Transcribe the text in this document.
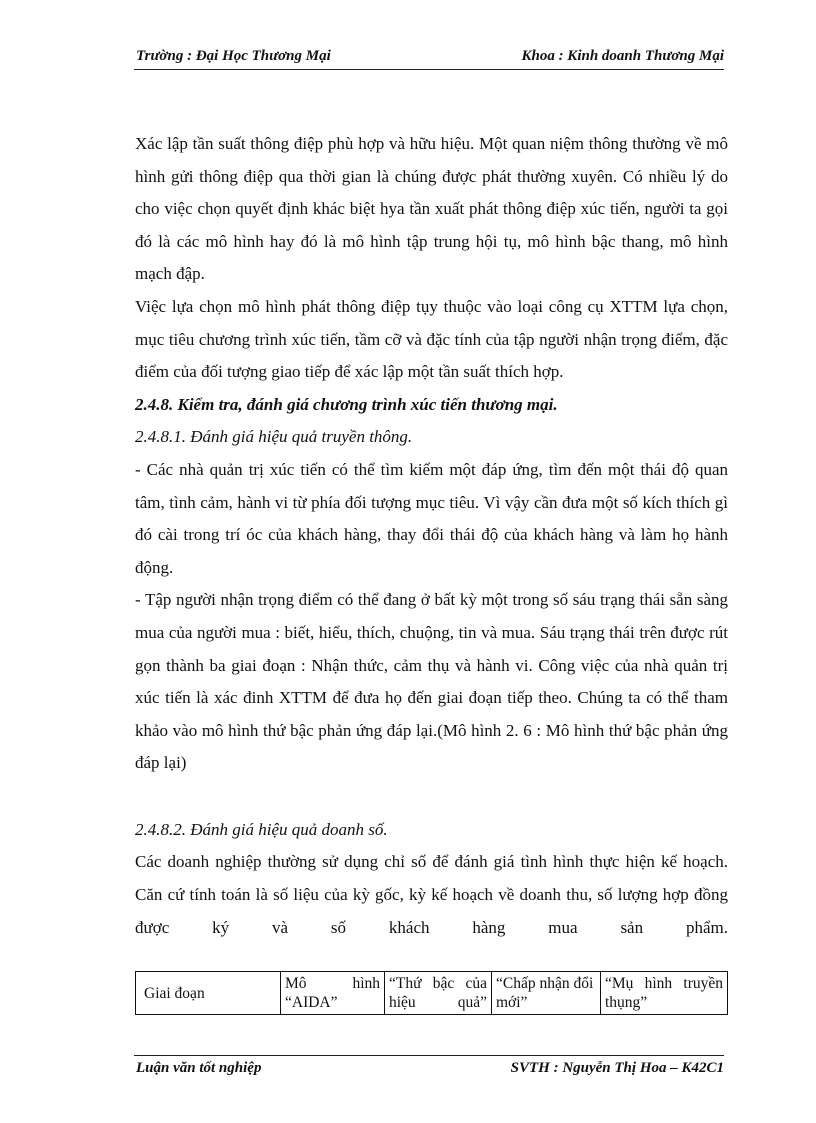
Trường : Đại Học Thương Mại	Khoa : Kinh doanh Thương Mại

Xác lập tần suất thông điệp phù hợp và hữu hiệu. Một quan niệm thông thường về mô hình gửi thông điệp qua thời gian là chúng được phát thường xuyên. Có nhiều lý do cho việc chọn quyết định khác biệt hya tần xuất phát thông điệp xúc tiến, người ta gọi đó là các mô hình hay đó là mô hình tập trung hội tụ, mô hình bậc thang, mô hình mạch đập.

Việc lựa chọn mô hình phát thông điệp tụy thuộc vào loại công cụ XTTM lựa chọn, mục tiêu chương trình xúc tiến, tầm cỡ và đặc tính của tập người nhận trọng điểm, đặc điểm của đối tượng giao tiếp để xác lập một tần suất thích hợp.

2.4.8. Kiểm tra, đánh giá chương trình xúc tiến thương mại.

2.4.8.1. Đánh giá hiệu quả truyền thông.

- Các nhà quản trị xúc tiến có thể tìm kiếm một đáp ứng, tìm đến một thái độ quan tâm, tình cảm, hành vi từ phía đối tượng mục tiêu. Vì vậy cần đưa một số kích thích gì đó cài trong trí óc của khách hàng, thay đổi thái độ của khách hàng và làm họ hành động.

- Tập người nhận trọng điểm có thể đang ở bất kỳ một trong số sáu trạng thái sẵn sàng mua của người mua : biết, hiểu, thích, chuộng, tin và mua. Sáu trạng thái trên được rút gọn thành ba giai đoạn : Nhận thức, cảm thụ và hành vi. Công việc của nhà quản trị xúc tiến là xác đinh XTTM để đưa họ đến giai đoạn tiếp theo. Chúng ta có thể tham khảo vào mô hình thứ bậc phản ứng đáp lại.(Mô hình 2. 6 : Mô hình thứ bậc phản ứng đáp lại)

2.4.8.2. Đánh giá hiệu quả doanh số.

Các doanh nghiệp thường sử dụng chỉ số để đánh giá tình hình thực hiện kế hoạch. Căn cứ tính toán là số liệu của kỳ gốc, kỳ kế hoạch về doanh thu, số lượng hợp đồng được ký và số khách hàng mua sản phẩm.

Giai đoạn	Mô hình “AIDA”	“Thứ bậc của hiệu quả”	“Chấp nhận đổi mới”	“Mụ hình truyền thụng”
Luận văn tốt nghiệp	SVTH : Nguyễn Thị Hoa – K42C1
